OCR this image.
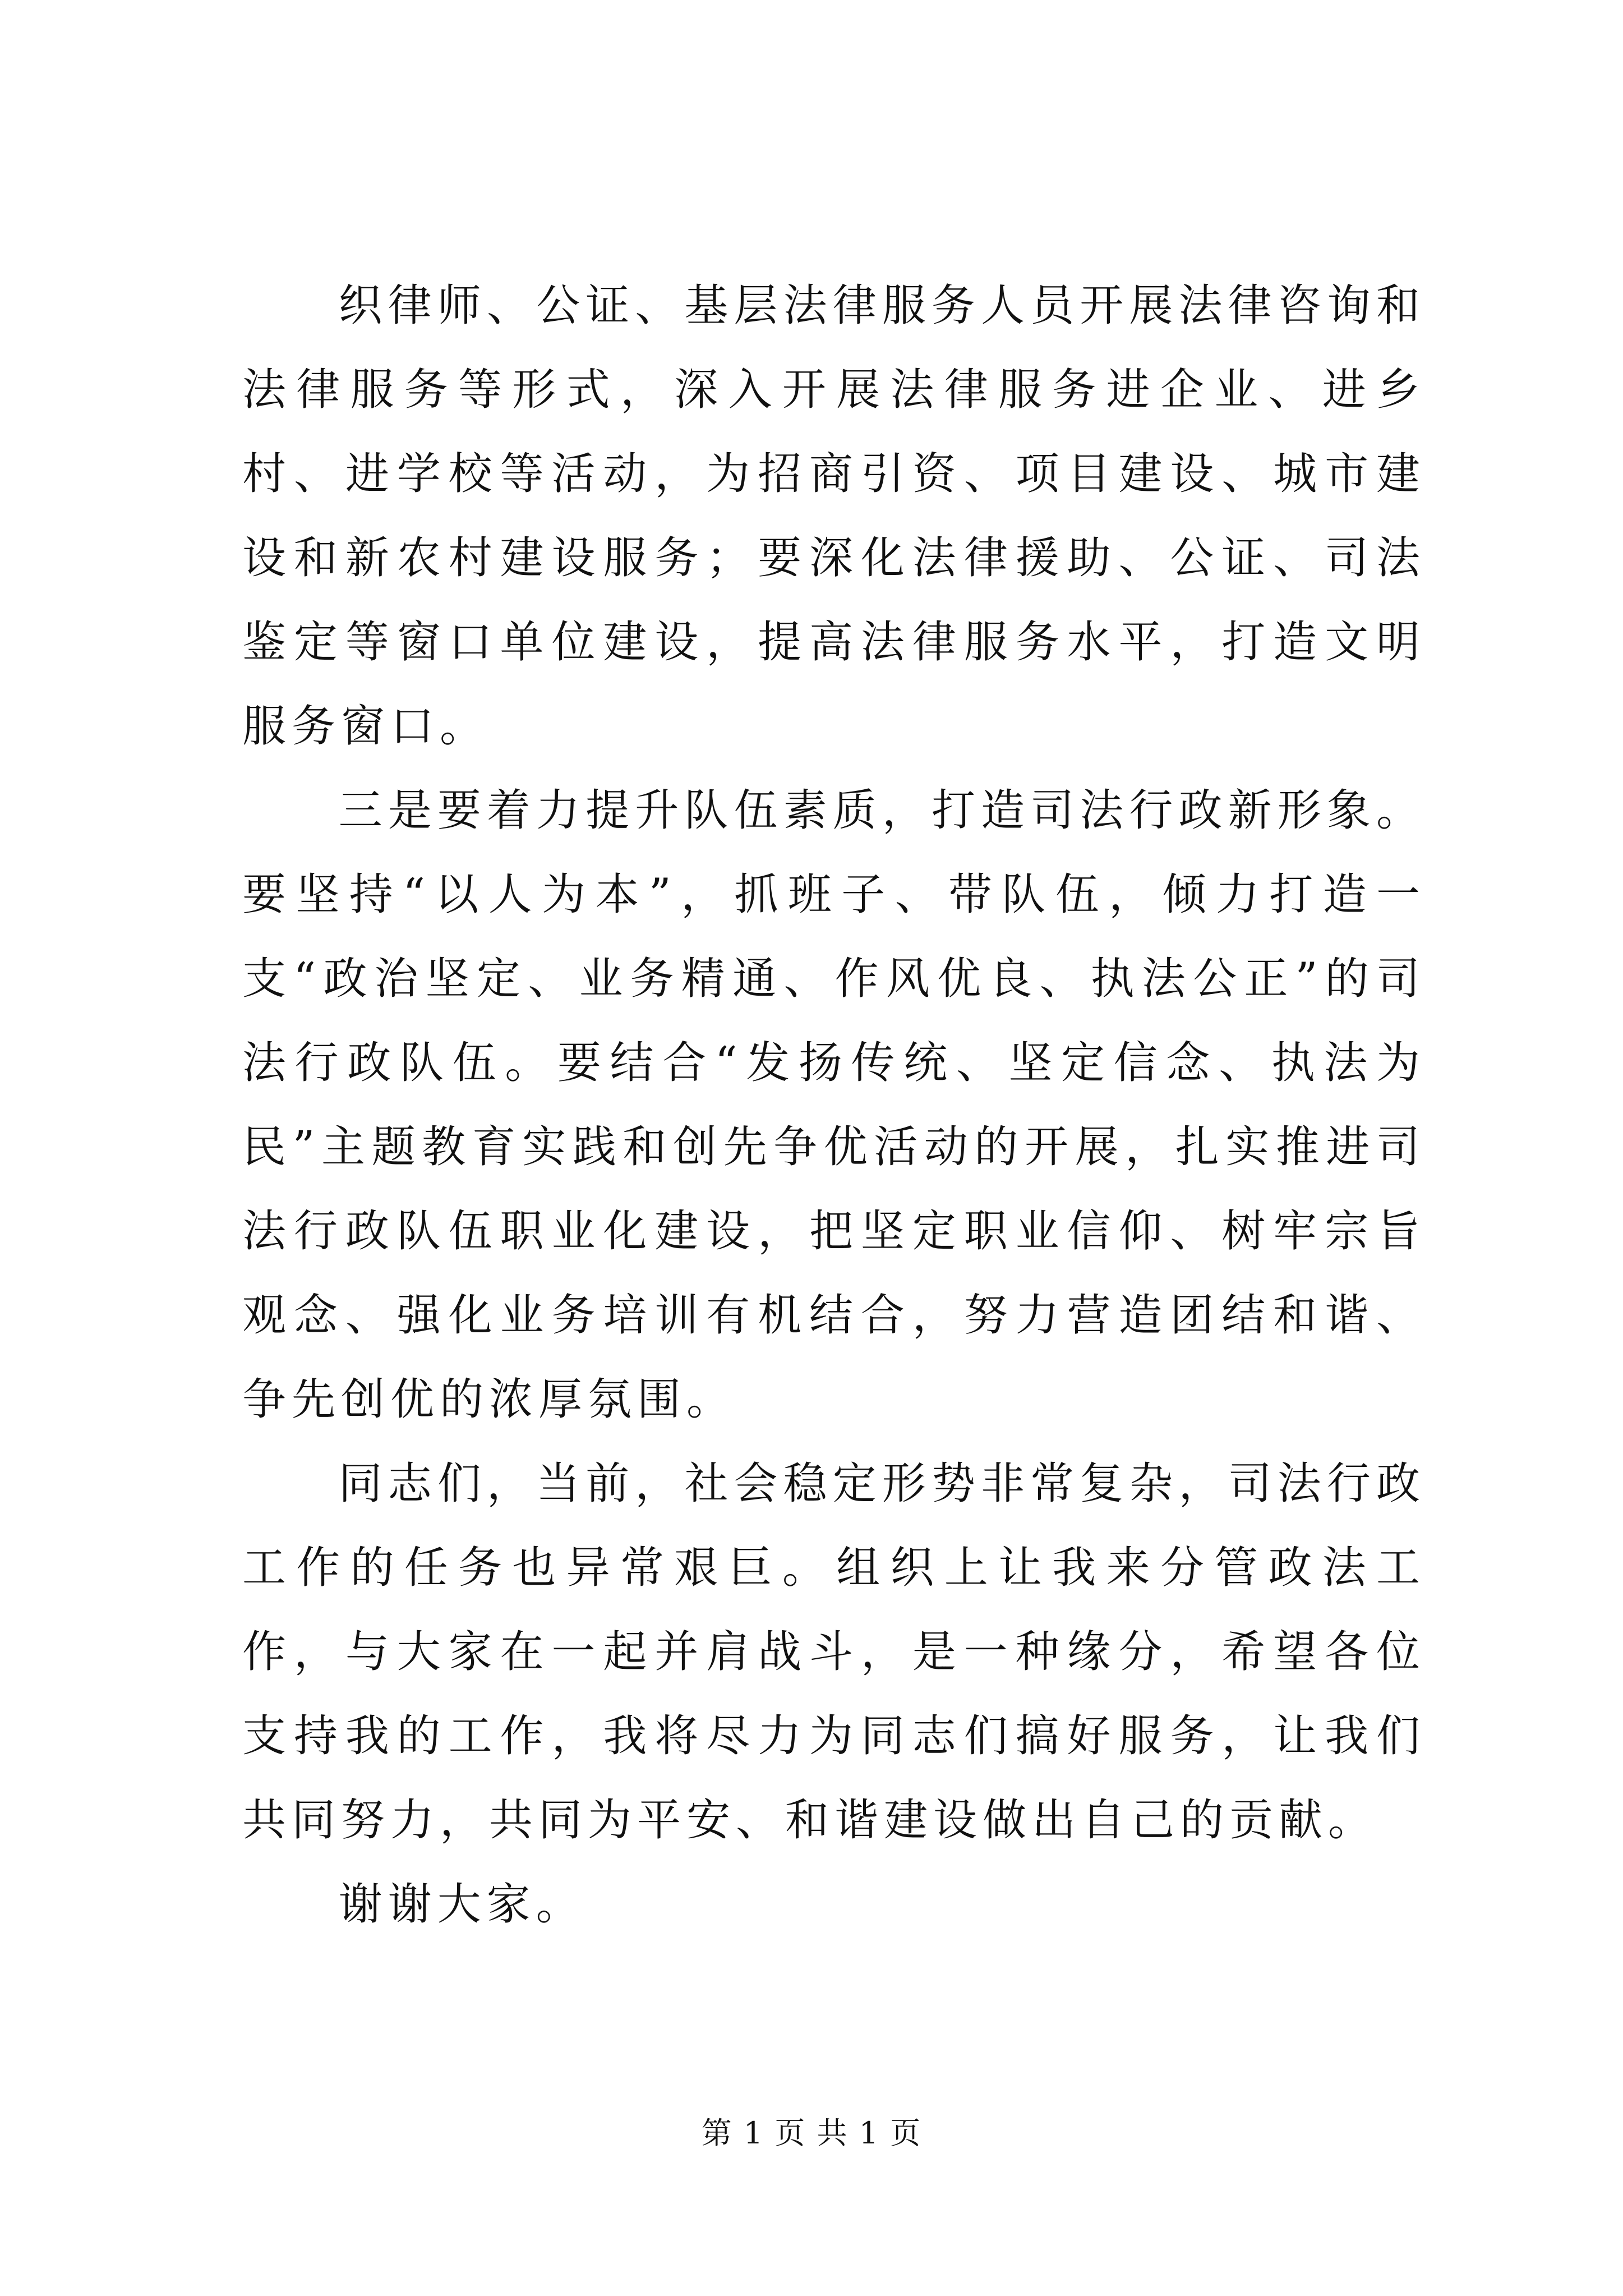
织律师、公证、基层法律服务人员开展法律咨询和法律服务等形式，深入开展法律服务进企业、进乡村、进学校等活动，为招商引资、项目建设、城市建设和新农村建设服务；要深化法律援助、公证、司法鉴定等窗口单位建设，提高法律服务水平，打造文明服务窗口。

三是要着力提升队伍素质，打造司法行政新形象。要坚持“以人为本”，抓班子、带队伍，倾力打造一支“政治坚定、业务精通、作风优良、执法公正”的司法行政队伍。要结合“发扬传统、坚定信念、执法为民”主题教育实践和创先争优活动的开展，扎实推进司法行政队伍职业化建设，把坚定职业信仰、树牢宗旨观念、强化业务培训有机结合，努力营造团结和谐、争先创优的浓厚氛围。

同志们，当前，社会稳定形势非常复杂，司法行政工作的任务也异常艰巨。组织上让我来分管政法工作，与大家在一起并肩战斗，是一种缘分，希望各位支持我的工作，我将尽力为同志们搞好服务，让我们共同努力，共同为平安、和谐建设做出自己的贡献。

谢谢大家。

第 1 页 共 1 页
